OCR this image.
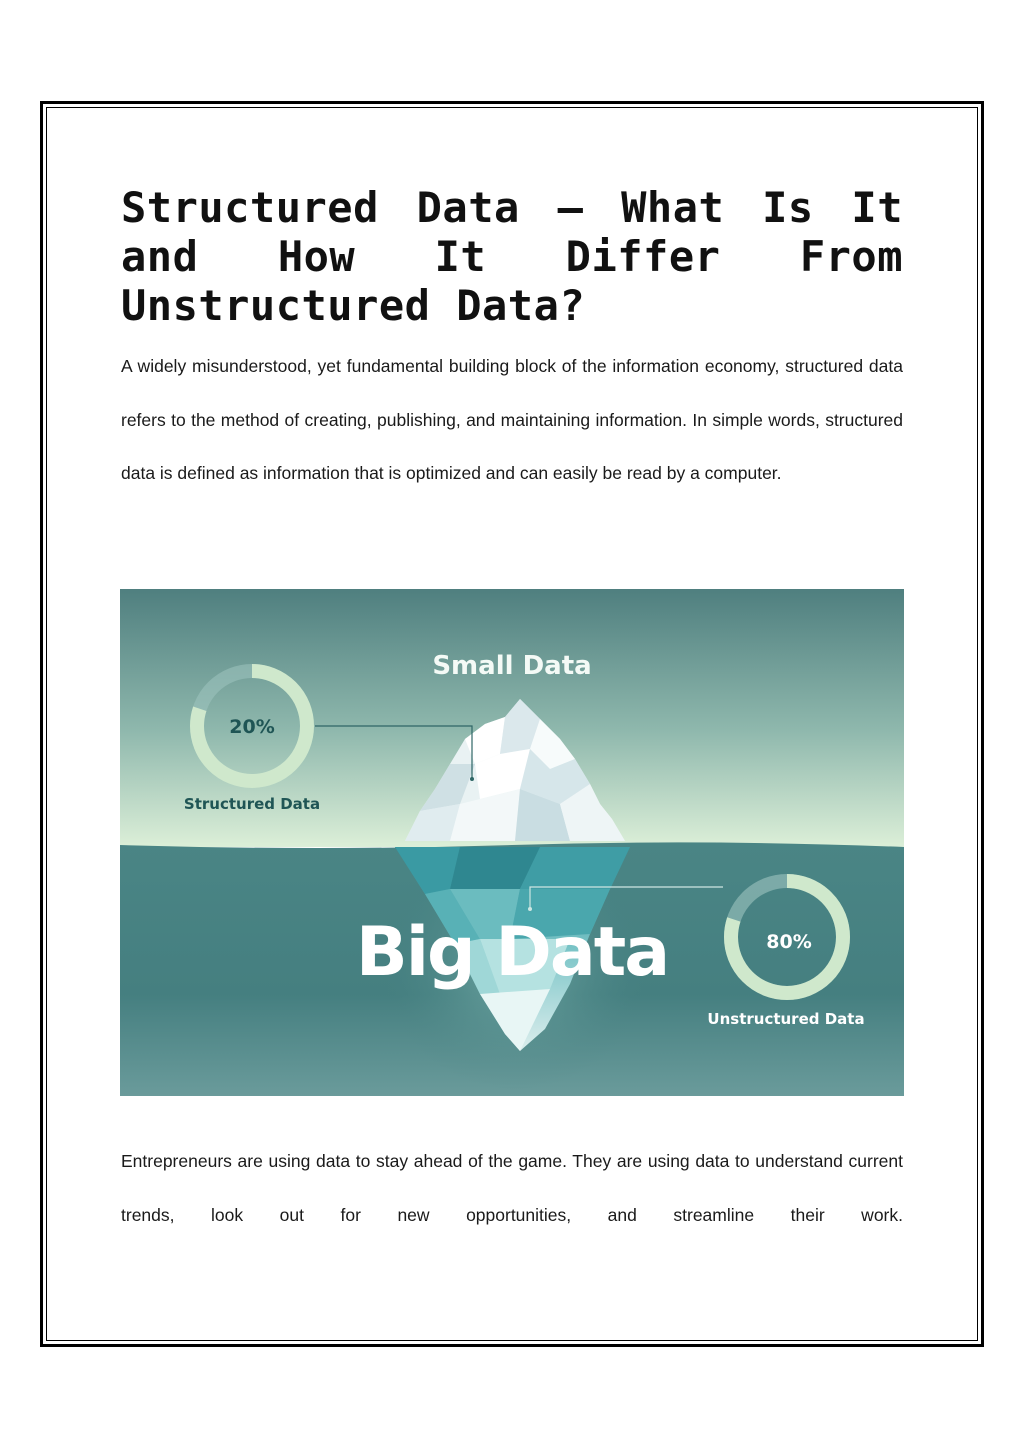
Structured Data – What Is It and How It Differ From Unstructured Data?

A widely misunderstood, yet fundamental building block of the information economy, structured data refers to the method of creating, publishing, and maintaining information. In simple words, structured data is defined as information that is optimized and can easily be read by a computer.

20%
Structured Data
80%
Unstructured Data
Small Data
Big Data

Entrepreneurs are using data to stay ahead of the game. They are using data to understand current trends, look out for new opportunities, and streamline their work.
